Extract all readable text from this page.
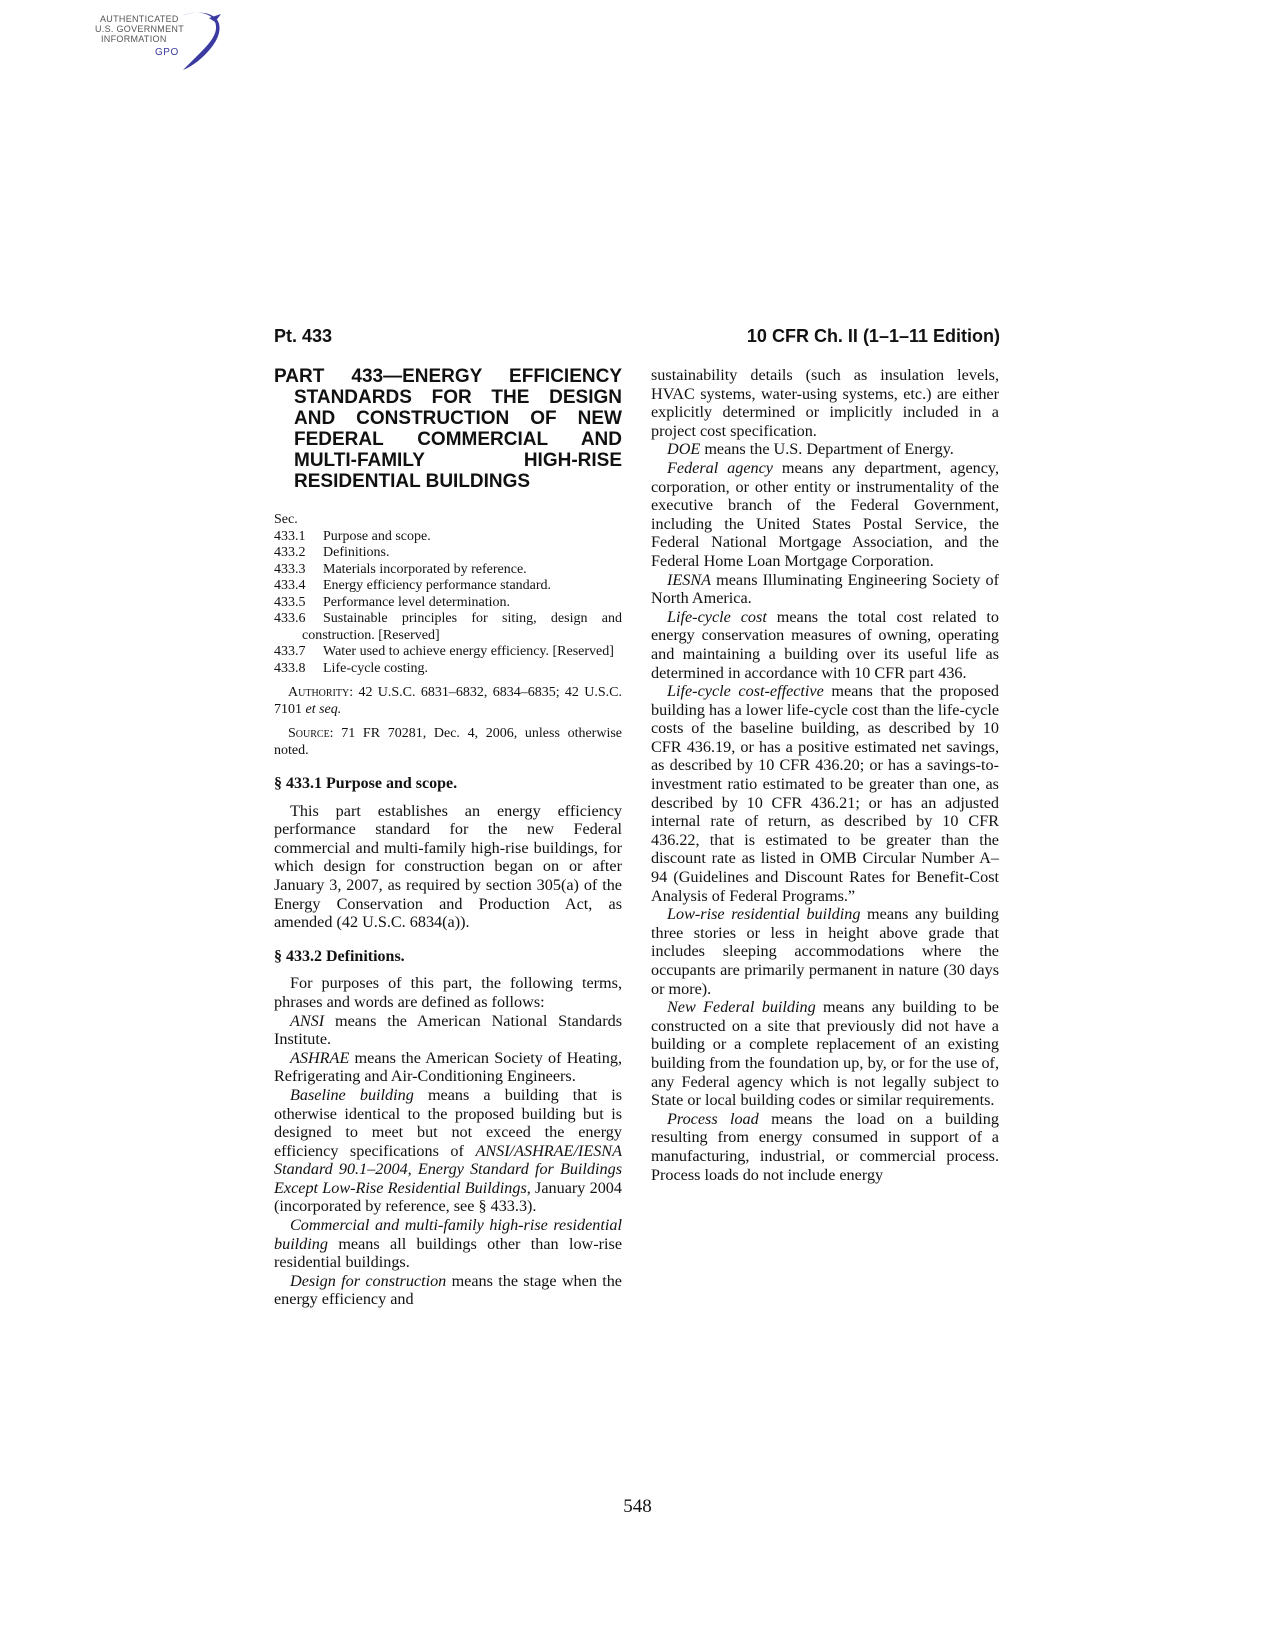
AUTHENTICATED
U.S. GOVERNMENT
INFORMATION
GPO
Pt. 433	10 CFR Ch. II (1–1–11 Edition)
PART 433—ENERGY EFFICIENCY STANDARDS FOR THE DESIGN AND CONSTRUCTION OF NEW FEDERAL COMMERCIAL AND MULTI-FAMILY HIGH-RISE RESIDENTIAL BUILDINGS

Sec.

433.1 Purpose and scope.

433.2 Definitions.

433.3 Materials incorporated by reference.

433.4 Energy efficiency performance standard.

433.5 Performance level determination.

433.6 Sustainable principles for siting, design and construction. [Reserved]

433.7 Water used to achieve energy efficiency. [Reserved]

433.8 Life-cycle costing.

Authority: 42 U.S.C. 6831–6832, 6834–6835; 42 U.S.C. 7101 et seq.

Source: 71 FR 70281, Dec. 4, 2006, unless otherwise noted.

§ 433.1 Purpose and scope.

This part establishes an energy efficiency performance standard for the new Federal commercial and multi-family high-rise buildings, for which design for construction began on or after January 3, 2007, as required by section 305(a) of the Energy Conservation and Production Act, as amended (42 U.S.C. 6834(a)).

§ 433.2 Definitions.

For purposes of this part, the following terms, phrases and words are defined as follows:

ANSI means the American National Standards Institute.

ASHRAE means the American Society of Heating, Refrigerating and Air-Conditioning Engineers.

Baseline building means a building that is otherwise identical to the proposed building but is designed to meet but not exceed the energy efficiency specifications of ANSI/ASHRAE/IESNA Standard 90.1–2004, Energy Standard for Buildings Except Low-Rise Residential Buildings, January 2004 (incorporated by reference, see § 433.3).

Commercial and multi-family high-rise residential building means all buildings other than low-rise residential buildings.

Design for construction means the stage when the energy efficiency and

sustainability details (such as insulation levels, HVAC systems, water-using systems, etc.) are either explicitly determined or implicitly included in a project cost specification.

DOE means the U.S. Department of Energy.

Federal agency means any department, agency, corporation, or other entity or instrumentality of the executive branch of the Federal Government, including the United States Postal Service, the Federal National Mortgage Association, and the Federal Home Loan Mortgage Corporation.

IESNA means Illuminating Engineering Society of North America.

Life-cycle cost means the total cost related to energy conservation measures of owning, operating and maintaining a building over its useful life as determined in accordance with 10 CFR part 436.

Life-cycle cost-effective means that the proposed building has a lower life-cycle cost than the life-cycle costs of the baseline building, as described by 10 CFR 436.19, or has a positive estimated net savings, as described by 10 CFR 436.20; or has a savings-to-investment ratio estimated to be greater than one, as described by 10 CFR 436.21; or has an adjusted internal rate of return, as described by 10 CFR 436.22, that is estimated to be greater than the discount rate as listed in OMB Circular Number A–94 (Guidelines and Discount Rates for Benefit-Cost Analysis of Federal Programs.”

Low-rise residential building means any building three stories or less in height above grade that includes sleeping accommodations where the occupants are primarily permanent in nature (30 days or more).

New Federal building means any building to be constructed on a site that previously did not have a building or a complete replacement of an existing building from the foundation up, by, or for the use of, any Federal agency which is not legally subject to State or local building codes or similar requirements.

Process load means the load on a building resulting from energy consumed in support of a manufacturing, industrial, or commercial process. Process loads do not include energy

548
